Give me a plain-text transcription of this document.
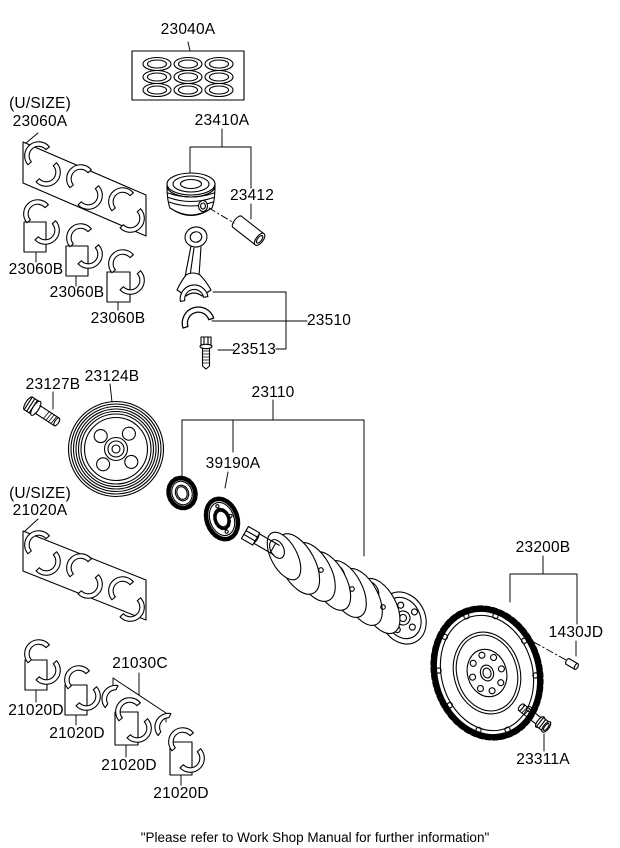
23040A
(U/SIZE)
23060A	23410A
23412
23060B
23060B
23060B	23510
23513
23127B 23124B
23110
39190A
(U/SIZE)
21020A
23200B
1430JD
21030C
21020D
21020D
21020D
21020D
23311A
"Please refer to Work Shop Manual for further information"
